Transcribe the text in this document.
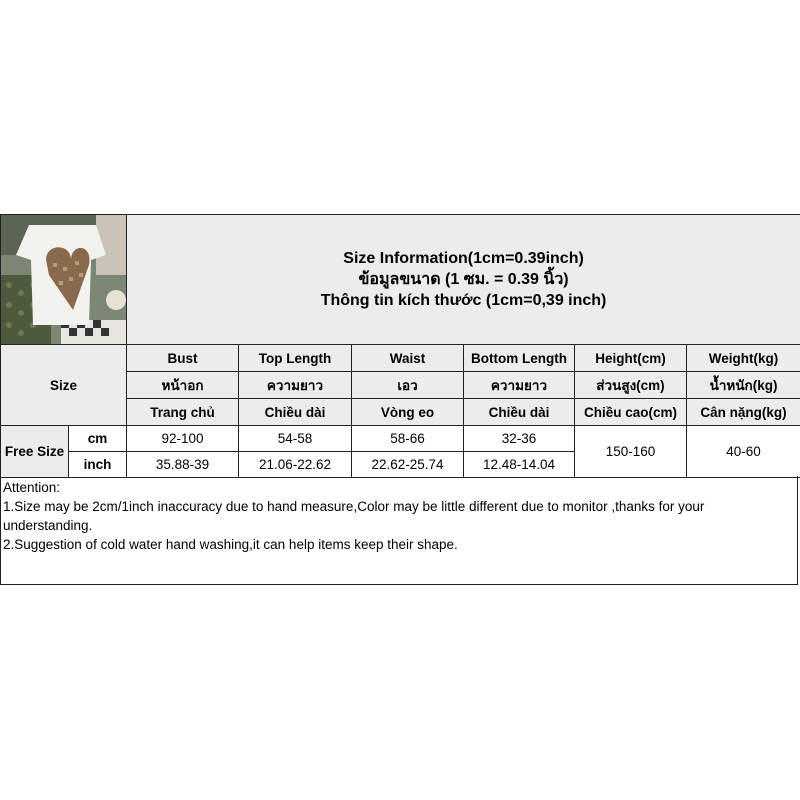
Size Information(1cm=0.39inch)
ข้อมูลขนาด (1 ซม. = 0.39 นิ้ว)
Thông tin kích thước (1cm=0,39 inch)					

Size		Bust	Top Length	Waist	Bottom Length	Height(cm)	Weight(kg)
		หน้าอก	ความยาว	เอว	ความยาว	ส่วนสูง(cm)	น้ำหนัก(kg)
		Trang chủ	Chiều dài	Vòng eo	Chiều dài	Chiều cao(cm)	Cân nặng(kg)
Free Size	cm	92-100	54-58	58-66	32-36	150-160	40-60
	inch	35.88-39	21.06-22.62	22.62-25.74	12.48-14.04		
Attention:
1.Size may be 2cm/1inch inaccuracy due to hand measure,Color may be little different due to monitor ,thanks for your understanding.
2.Suggestion of cold water hand washing,it can help items keep their shape.
